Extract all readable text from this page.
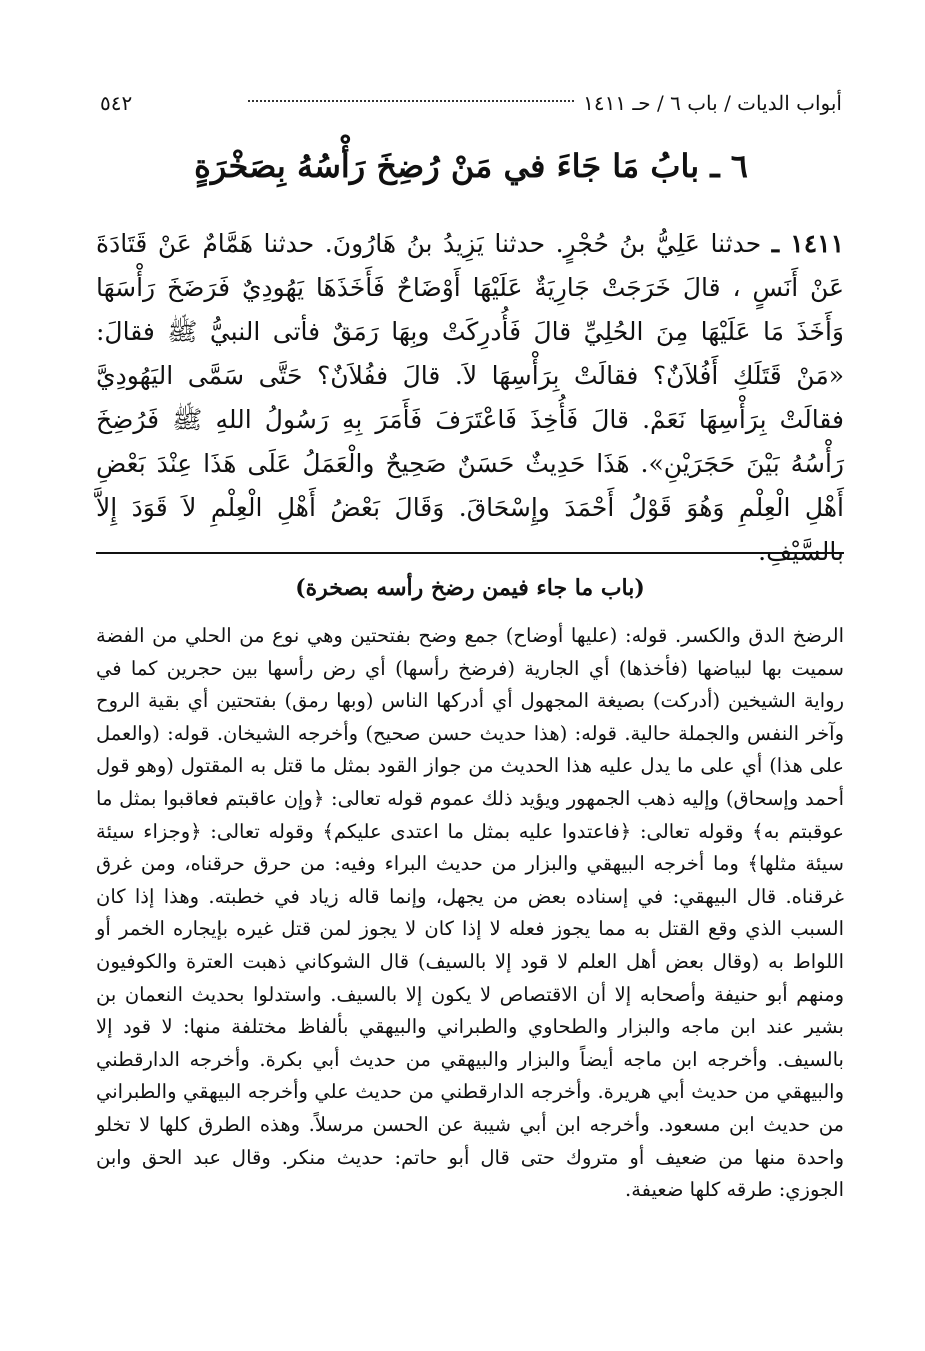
أبواب الديات / باب ٦ / حـ ١٤١١
٥٤٢
٦ ـ بابُ مَا جَاءَ في مَنْ رُضِخَ رَأْسُهُ بِصَخْرَةٍ
١٤١١ ـ حدثنا عَلِيُّ بنُ حُجْرٍ. حدثنا يَزِيدُ بنُ هَارُونَ. حدثنا هَمَّامٌ عَنْ قَتَادَةَ عَنْ أَنَسٍ ، قالَ خَرَجَتْ جَارِيَةٌ عَلَيْهَا أَوْضَاحٌ فَأَخَذَهَا يَهُودِيٌ فَرَضَخَ رَأْسَهَا وَأَخَذَ مَا عَلَيْهَا مِنَ الحُلِيِّ قالَ فَأُدرِكَتْ وبِهَا رَمَقٌ فأتى النبيُّ ﷺ فقالَ: «مَنْ قَتَلَكِ أَفُلاَنٌ؟ فقالَتْ بِرَأْسِهَا لاَ. قالَ ففُلاَنٌ؟ حَتَّى سَمَّى اليَهُودِيَّ فقالَتْ بِرَأْسِهَا نَعَمْ. قالَ فَأُخِذَ فَاعْتَرَفَ فَأَمَرَ بِهِ رَسُولُ اللهِ ﷺ فَرُضِخَ رَأْسُهُ بَيْنَ حَجَرَيْنِ». هَذَا حَدِيثٌ حَسَنٌ صَحِيحٌ والْعَمَلُ عَلَى هَذَا عِنْدَ بَعْضِ أَهْلِ الْعِلْمِ وَهُوَ قَوْلُ أَحْمَدَ وإِسْحَاقَ. وَقَالَ بَعْضُ أَهْلِ الْعِلْمِ لاَ قَوَدَ إِلاَّ بالسَّيْفِ.
(باب ما جاء فيمن رضخ رأسه بصخرة)

الرضخ الدق والكسر. قوله: (عليها أوضاح) جمع وضح بفتحتين وهي نوع من الحلي من الفضة سميت بها لبياضها (فأخذها) أي الجارية (فرضخ رأسها) أي رض رأسها بين حجرين كما في رواية الشيخين (أدركت) بصيغة المجهول أي أدركها الناس (وبها رمق) بفتحتين أي بقية الروح وآخر النفس والجملة حالية. قوله: (هذا حديث حسن صحيح) وأخرجه الشيخان. قوله: (والعمل على هذا) أي على ما يدل عليه هذا الحديث من جواز القود بمثل ما قتل به المقتول (وهو قول أحمد وإسحاق) وإليه ذهب الجمهور ويؤيد ذلك عموم قوله تعالى: ﴿وإن عاقبتم فعاقبوا بمثل ما عوقبتم به﴾ وقوله تعالى: ﴿فاعتدوا عليه بمثل ما اعتدى عليكم﴾ وقوله تعالى: ﴿وجزاء سيئة سيئة مثلها﴾ وما أخرجه البيهقي والبزار من حديث البراء وفيه: من حرق حرقناه، ومن غرق غرقناه. قال البيهقي: في إسناده بعض من يجهل، وإنما قاله زياد في خطبته. وهذا إذا كان السبب الذي وقع القتل به مما يجوز فعله لا إذا كان لا يجوز لمن قتل غيره بإيجاره الخمر أو اللواط به (وقال بعض أهل العلم لا قود إلا بالسيف) قال الشوكاني ذهبت العترة والكوفيون ومنهم أبو حنيفة وأصحابه إلا أن الاقتصاص لا يكون إلا بالسيف. واستدلوا بحديث النعمان بن بشير عند ابن ماجه والبزار والطحاوي والطبراني والبيهقي بألفاظ مختلفة منها: لا قود إلا بالسيف. وأخرجه ابن ماجه أيضاً والبزار والبيهقي من حديث أبي بكرة. وأخرجه الدارقطني والبيهقي من حديث أبي هريرة. وأخرجه الدارقطني من حديث علي وأخرجه البيهقي والطبراني من حديث ابن مسعود. وأخرجه ابن أبي شيبة عن الحسن مرسلاً. وهذه الطرق كلها لا تخلو واحدة منها من ضعيف أو متروك حتى قال أبو حاتم: حديث منكر. وقال عبد الحق وابن الجوزي: طرقه كلها ضعيفة.
